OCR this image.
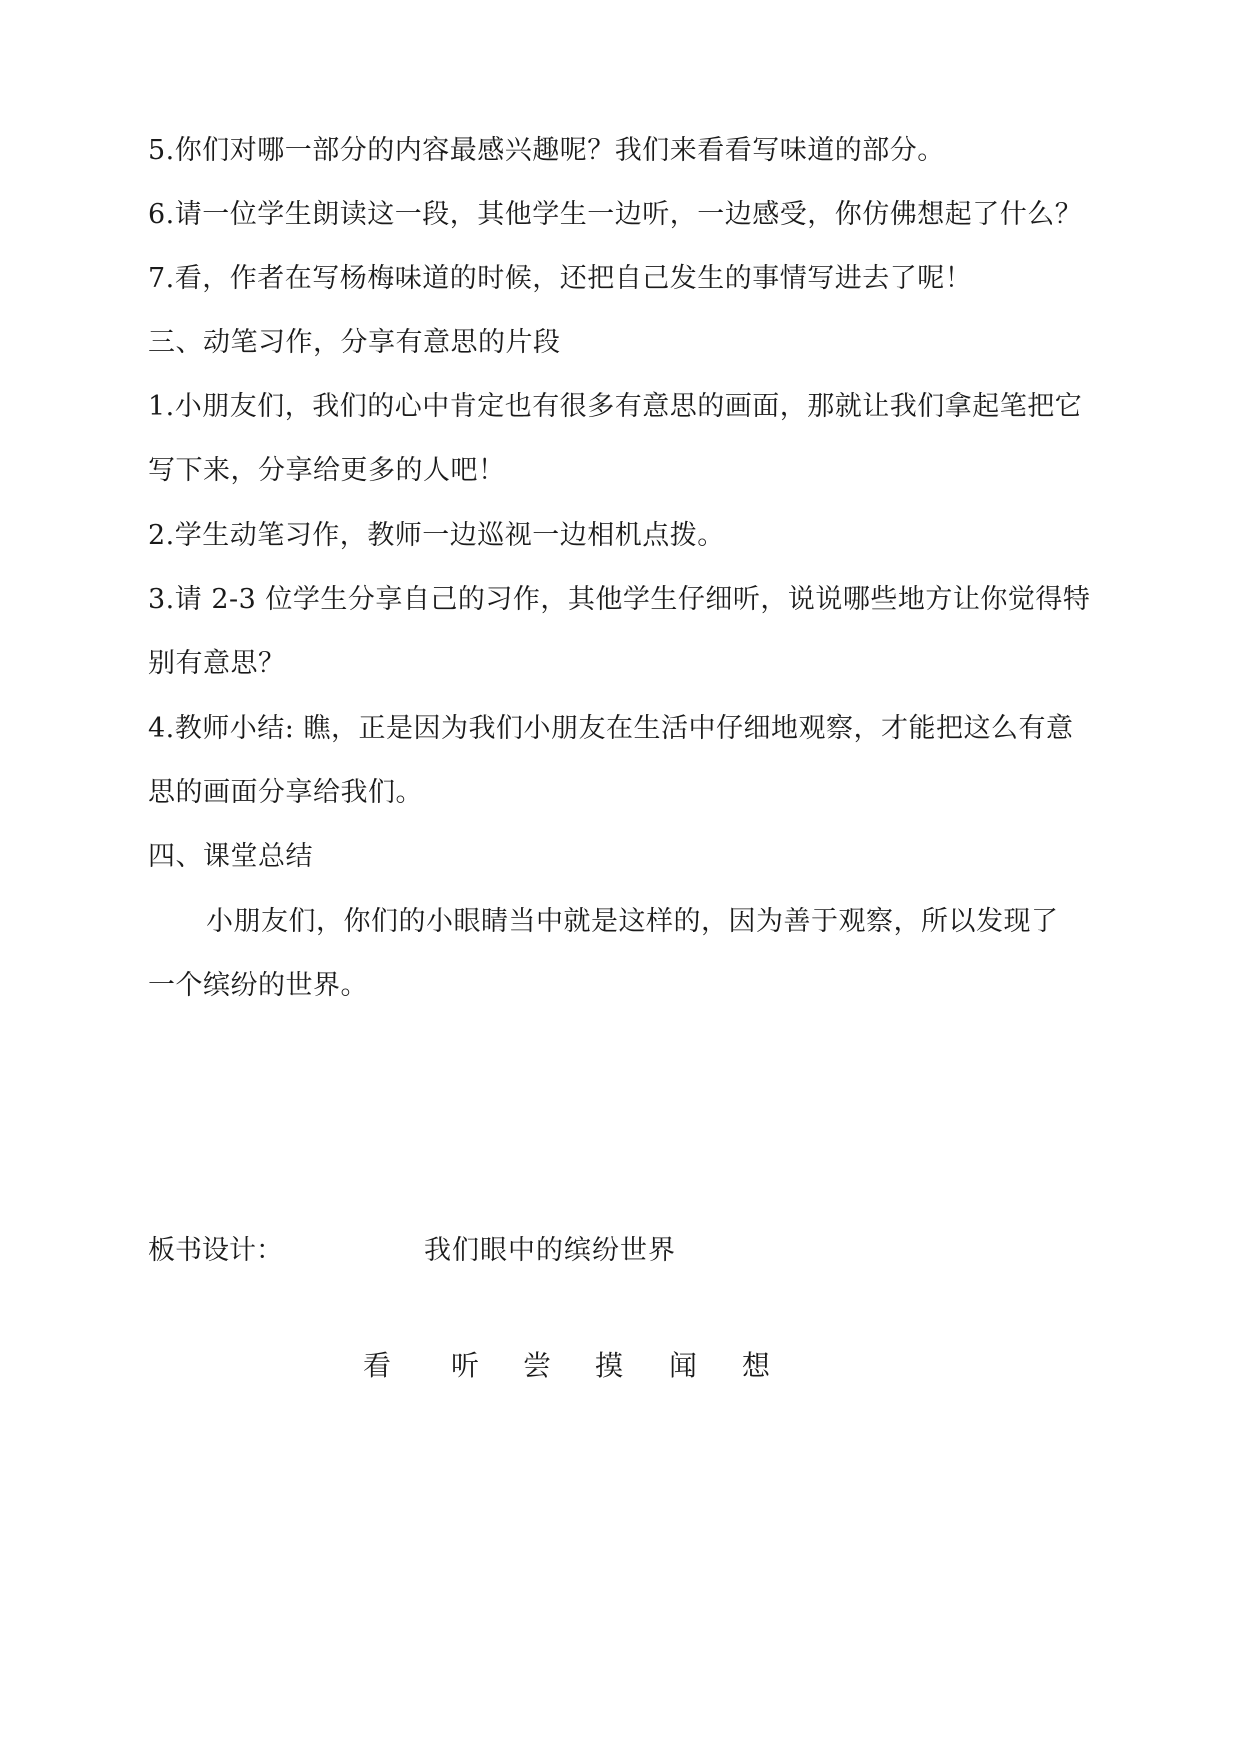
5.你们对哪一部分的内容最感兴趣呢？我们来看看写味道的部分。
6.请一位学生朗读这一段，其他学生一边听，一边感受，你仿佛想起了什么？
7.看，作者在写杨梅味道的时候，还把自己发生的事情写进去了呢！
三、动笔习作，分享有意思的片段
1.小朋友们，我们的心中肯定也有很多有意思的画面，那就让我们拿起笔把它
写下来，分享给更多的人吧！
2.学生动笔习作，教师一边巡视一边相机点拨。
3.请 2-3 位学生分享自己的习作，其他学生仔细听，说说哪些地方让你觉得特
别有意思？
4.教师小结: 瞧，正是因为我们小朋友在生活中仔细地观察，才能把这么有意
思的画面分享给我们。
四、课堂总结
小朋友们，你们的小眼睛当中就是这样的，因为善于观察，所以发现了
一个缤纷的世界。
板书设计：	我们眼中的缤纷世界
看 听 尝 摸 闻 想
